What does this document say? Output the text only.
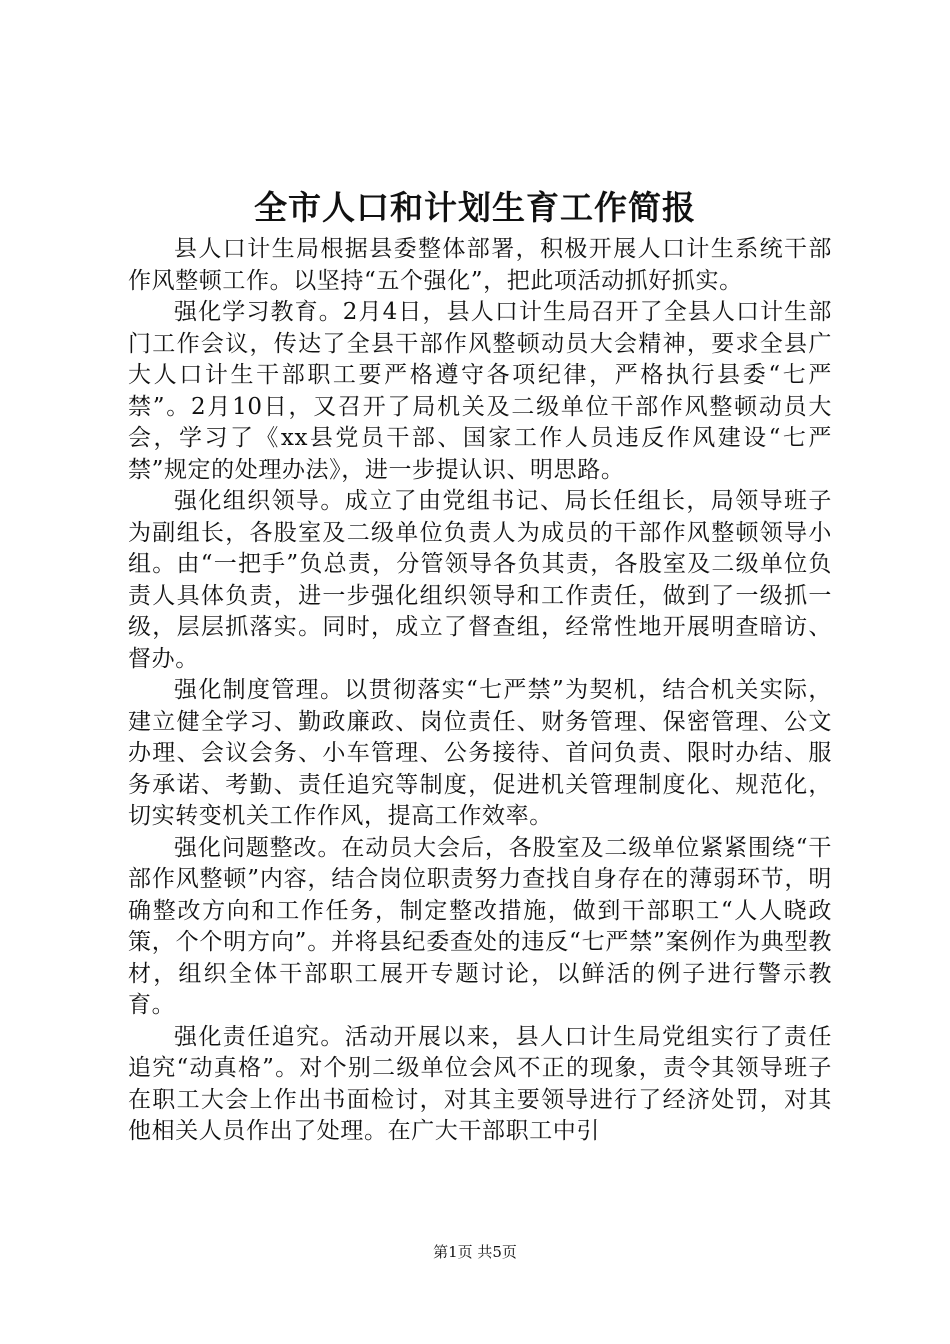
全市人口和计划生育工作简报

县人口计生局根据县委整体部署，积极开展人口计生系统干部作风整顿工作。以坚持“五个强化”，把此项活动抓好抓实。

强化学习教育。2月4日，县人口计生局召开了全县人口计生部门工作会议，传达了全县干部作风整顿动员大会精神，要求全县广大人口计生干部职工要严格遵守各项纪律，严格执行县委“七严禁”。2月10日，又召开了局机关及二级单位干部作风整顿动员大会，学习了《xx县党员干部、国家工作人员违反作风建设“七严禁”规定的处理办法》，进一步提认识、明思路。

强化组织领导。成立了由党组书记、局长任组长，局领导班子为副组长，各股室及二级单位负责人为成员的干部作风整顿领导小组。由“一把手”负总责，分管领导各负其责，各股室及二级单位负责人具体负责，进一步强化组织领导和工作责任，做到了一级抓一级，层层抓落实。同时，成立了督查组，经常性地开展明查暗访、督办。

强化制度管理。以贯彻落实“七严禁”为契机，结合机关实际，建立健全学习、勤政廉政、岗位责任、财务管理、保密管理、公文办理、会议会务、小车管理、公务接待、首问负责、限时办结、服务承诺、考勤、责任追究等制度，促进机关管理制度化、规范化，切实转变机关工作作风，提高工作效率。

强化问题整改。在动员大会后，各股室及二级单位紧紧围绕“干部作风整顿”内容，结合岗位职责努力查找自身存在的薄弱环节，明确整改方向和工作任务，制定整改措施，做到干部职工“人人晓政策，个个明方向”。并将县纪委查处的违反“七严禁”案例作为典型教材，组织全体干部职工展开专题讨论，以鲜活的例子进行警示教育。

强化责任追究。活动开展以来，县人口计生局党组实行了责任追究“动真格”。对个别二级单位会风不正的现象，责令其领导班子在职工大会上作出书面检讨，对其主要领导进行了经济处罚，对其他相关人员作出了处理。在广大干部职工中引

第1页 共5页
